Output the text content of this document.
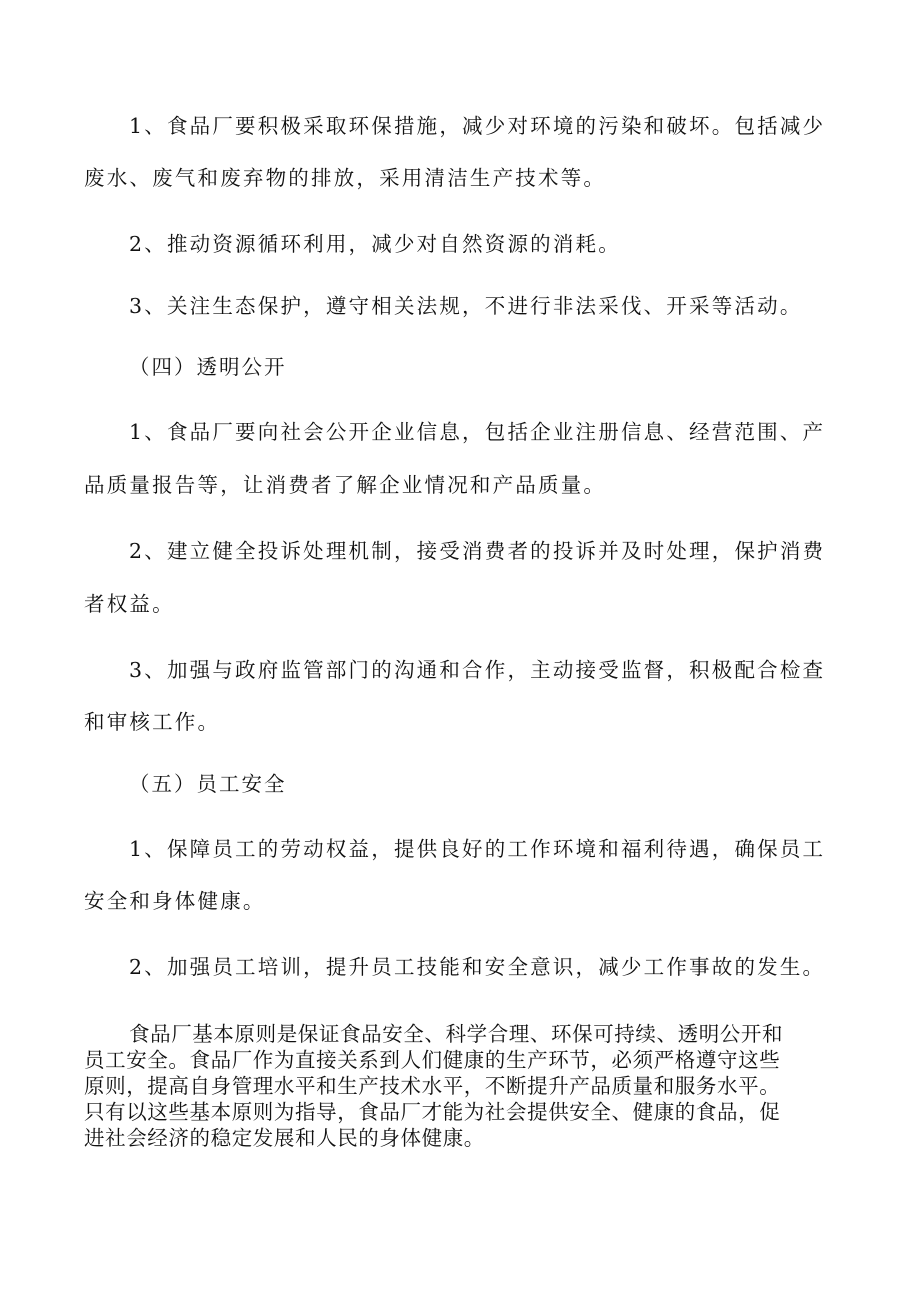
1、食品厂要积极采取环保措施，减少对环境的污染和破坏。包括减少
废水、废气和废弃物的排放，采用清洁生产技术等。
2、推动资源循环利用，减少对自然资源的消耗。
3、关注生态保护，遵守相关法规，不进行非法采伐、开采等活动。
（四）透明公开
1、食品厂要向社会公开企业信息，包括企业注册信息、经营范围、产
品质量报告等，让消费者了解企业情况和产品质量。
2、建立健全投诉处理机制，接受消费者的投诉并及时处理，保护消费
者权益。
3、加强与政府监管部门的沟通和合作，主动接受监督，积极配合检查
和审核工作。
（五）员工安全
1、保障员工的劳动权益，提供良好的工作环境和福利待遇，确保员工
安全和身体健康。
2、加强员工培训，提升员工技能和安全意识，减少工作事故的发生。
食品厂基本原则是保证食品安全、科学合理、环保可持续、透明公开和
员工安全。食品厂作为直接关系到人们健康的生产环节，必须严格遵守这些
原则，提高自身管理水平和生产技术水平，不断提升产品质量和服务水平。
只有以这些基本原则为指导，食品厂才能为社会提供安全、健康的食品，促
进社会经济的稳定发展和人民的身体健康。
